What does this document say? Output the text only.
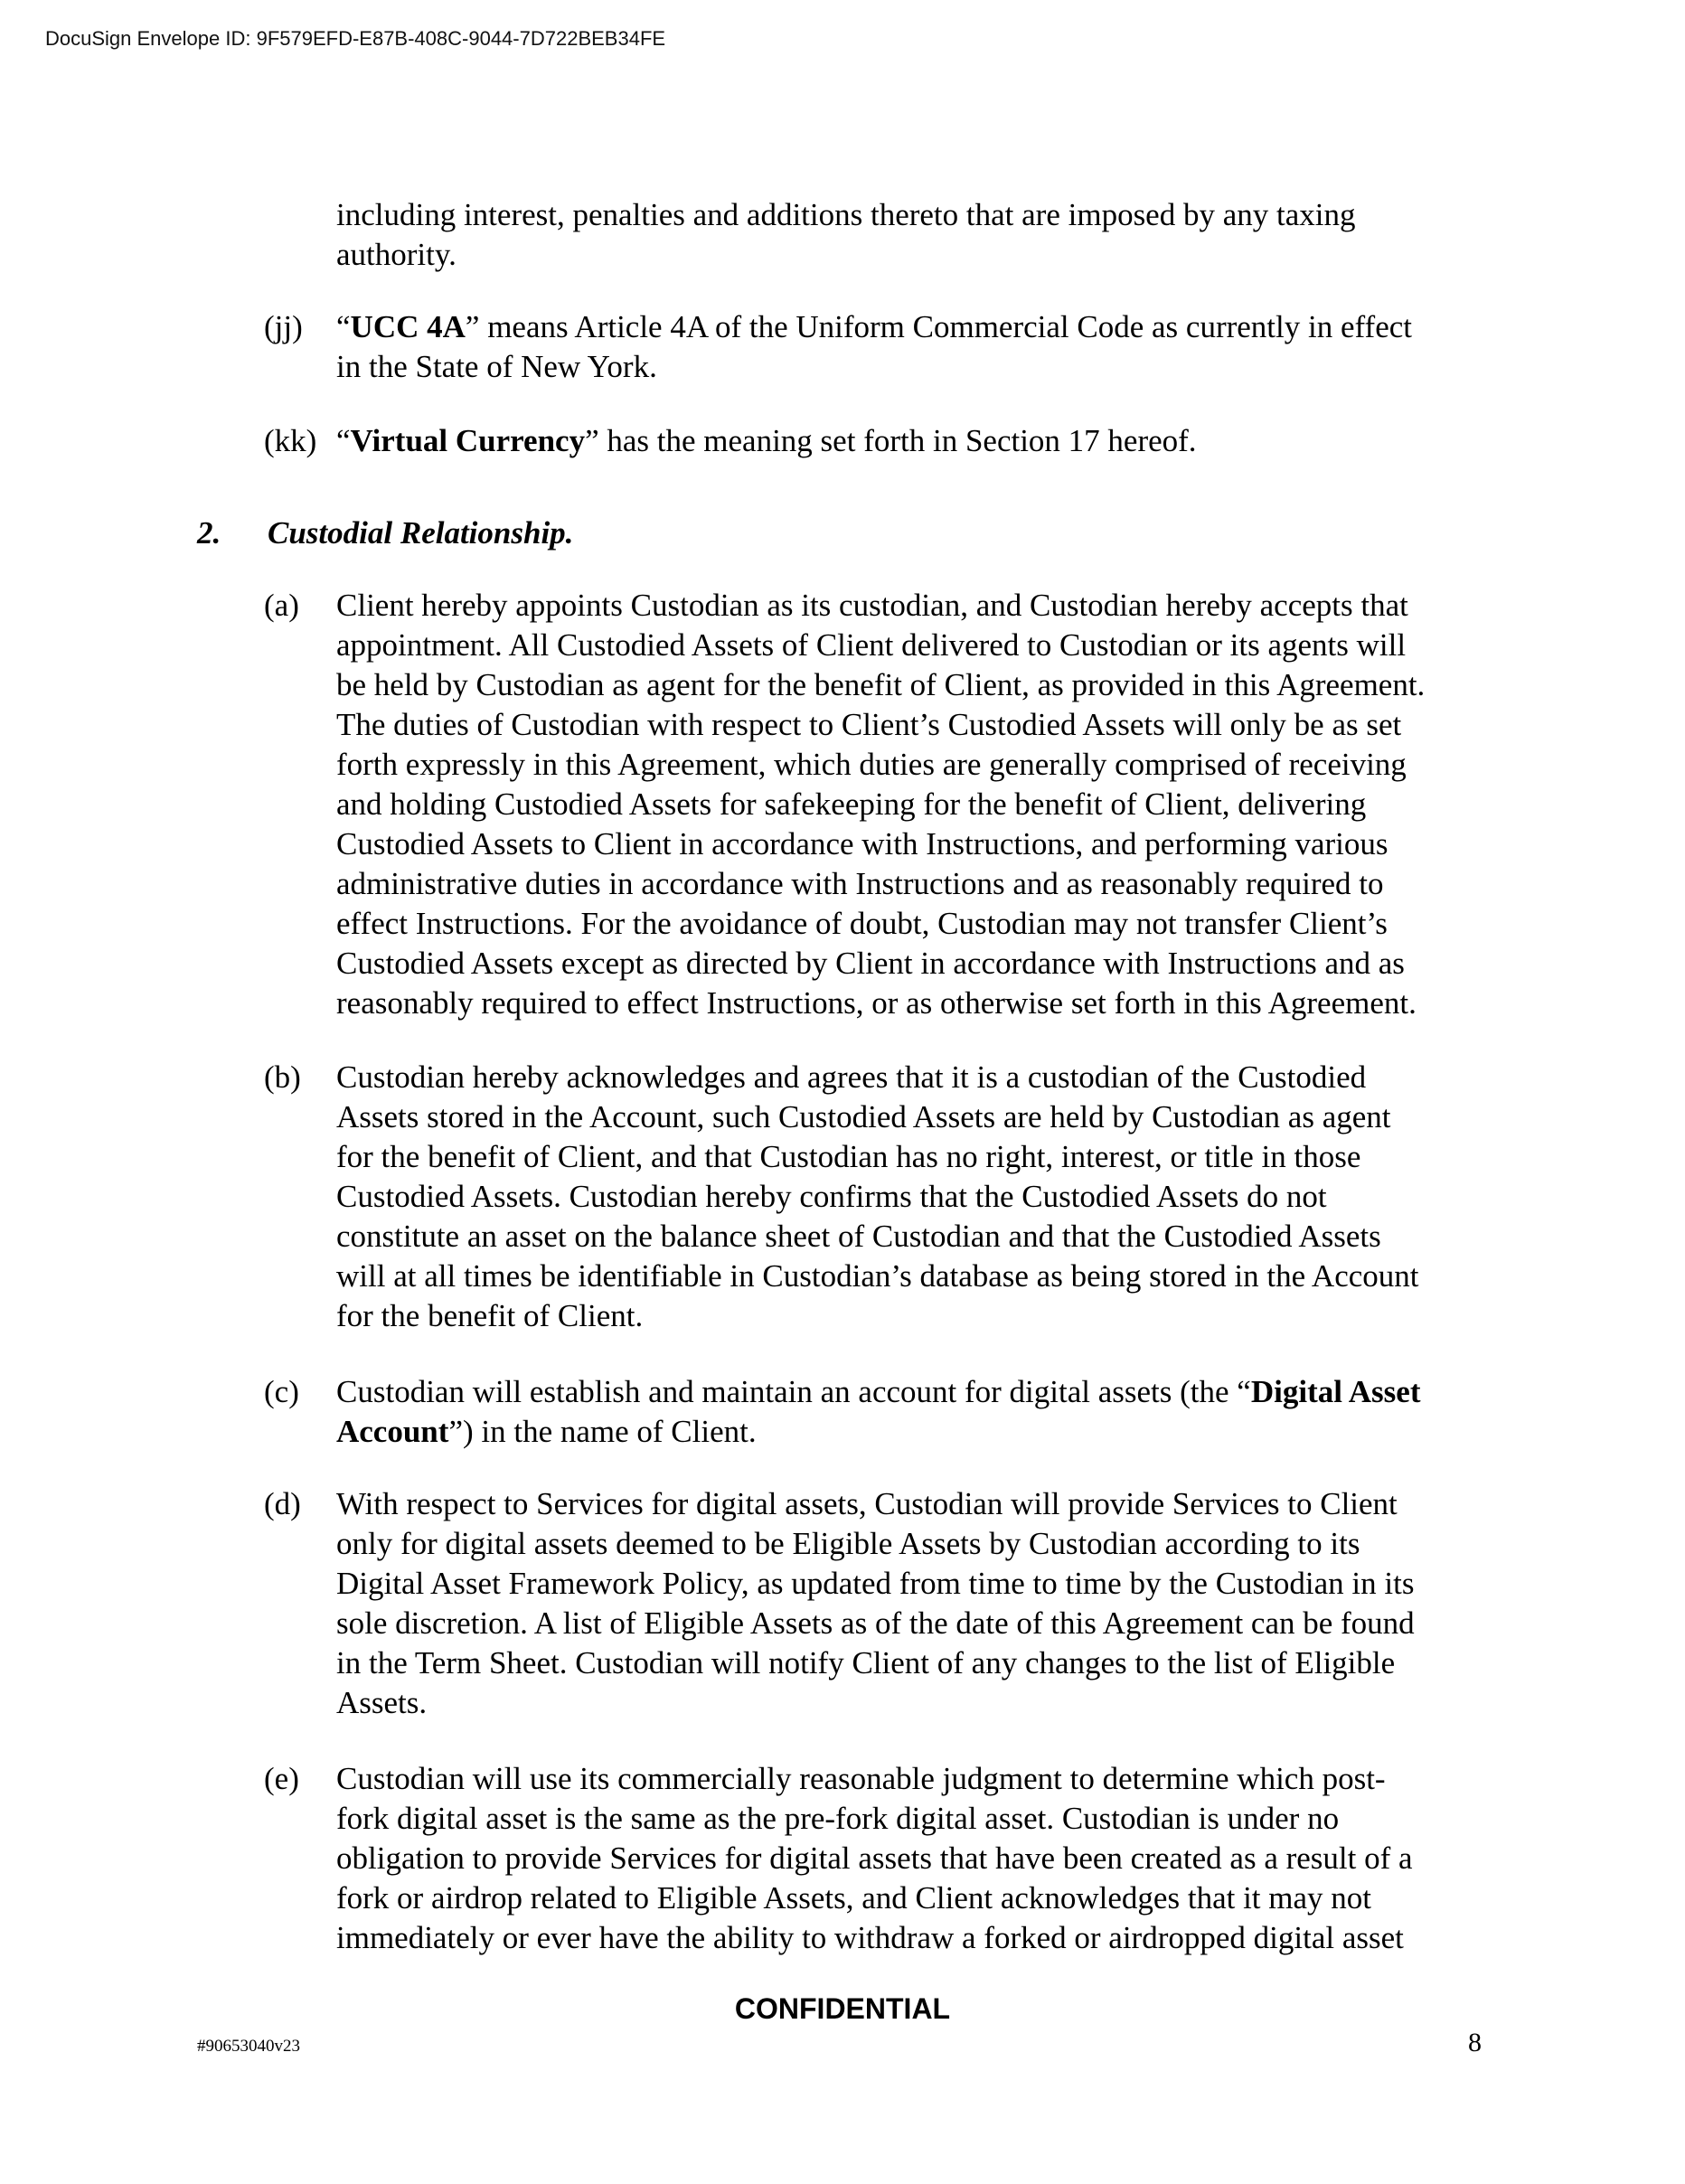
DocuSign Envelope ID: 9F579EFD-E87B-408C-9044-7D722BEB34FE
including interest, penalties and additions thereto that are imposed by any taxing
authority.
(jj) “UCC 4A” means Article 4A of the Uniform Commercial Code as currently in effect
in the State of New York.
(kk) “Virtual Currency” has the meaning set forth in Section 17 hereof.
2. Custodial Relationship.
(a) Client hereby appoints Custodian as its custodian, and Custodian hereby accepts that
appointment. All Custodied Assets of Client delivered to Custodian or its agents will
be held by Custodian as agent for the benefit of Client, as provided in this Agreement.
The duties of Custodian with respect to Client’s Custodied Assets will only be as set
forth expressly in this Agreement, which duties are generally comprised of receiving
and holding Custodied Assets for safekeeping for the benefit of Client, delivering
Custodied Assets to Client in accordance with Instructions, and performing various
administrative duties in accordance with Instructions and as reasonably required to
effect Instructions. For the avoidance of doubt, Custodian may not transfer Client’s
Custodied Assets except as directed by Client in accordance with Instructions and as
reasonably required to effect Instructions, or as otherwise set forth in this Agreement.
(b) Custodian hereby acknowledges and agrees that it is a custodian of the Custodied
Assets stored in the Account, such Custodied Assets are held by Custodian as agent
for the benefit of Client, and that Custodian has no right, interest, or title in those
Custodied Assets. Custodian hereby confirms that the Custodied Assets do not
constitute an asset on the balance sheet of Custodian and that the Custodied Assets
will at all times be identifiable in Custodian’s database as being stored in the Account
for the benefit of Client.
(c) Custodian will establish and maintain an account for digital assets (the “Digital Asset
Account”) in the name of Client.
(d) With respect to Services for digital assets, Custodian will provide Services to Client
only for digital assets deemed to be Eligible Assets by Custodian according to its
Digital Asset Framework Policy, as updated from time to time by the Custodian in its
sole discretion. A list of Eligible Assets as of the date of this Agreement can be found
in the Term Sheet. Custodian will notify Client of any changes to the list of Eligible
Assets.
(e) Custodian will use its commercially reasonable judgment to determine which post-
fork digital asset is the same as the pre-fork digital asset. Custodian is under no
obligation to provide Services for digital assets that have been created as a result of a
fork or airdrop related to Eligible Assets, and Client acknowledges that it may not
immediately or ever have the ability to withdraw a forked or airdropped digital asset
CONFIDENTIAL
#90653040v23	8
